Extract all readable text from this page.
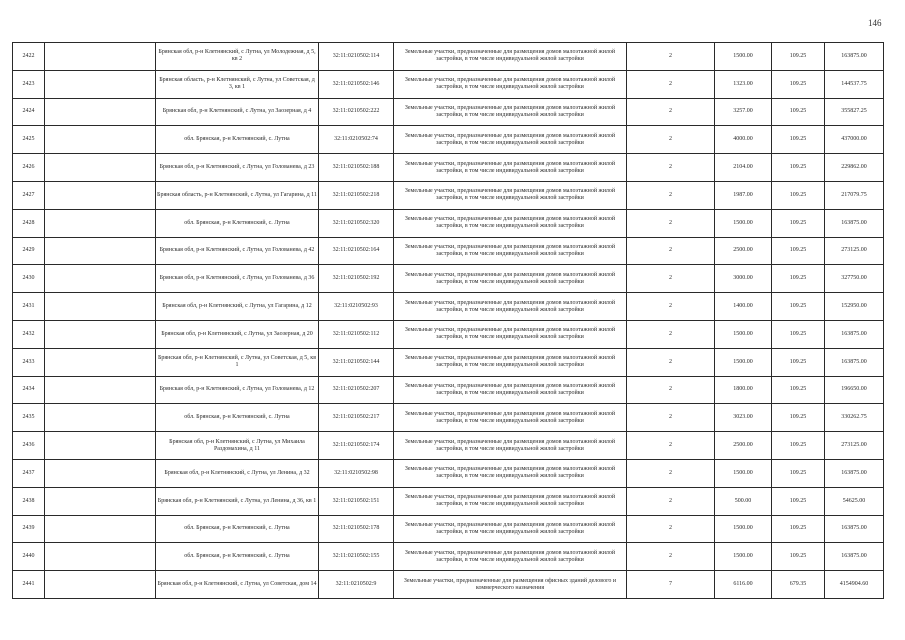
146
2422		Брянская обл, р-н Клетнянский, с Лутна, ул Молодежная, д 5, кв 2	32:11:0210502:114	Земельные участки, предназначенные для размещения домов малоэтажной жилой застройки, в том числе индивидуальной жилой застройки	2	1500.00	109.25	163875.00
2423		Брянская область, р-н Клетнянский, с Лутна, ул Советская, д 3, кв 1	32:11:0210502:146	Земельные участки, предназначенные для размещения домов малоэтажной жилой застройки, в том числе индивидуальной жилой застройки	2	1323.00	109.25	144537.75
2424		Брянская обл, р-н Клетнянский, с Лутна, ул Заозерная, д 4	32:11:0210502:222	Земельные участки, предназначенные для размещения домов малоэтажной жилой застройки, в том числе индивидуальной жилой застройки	2	3257.00	109.25	355827.25
2425		обл. Брянская, р-н Клетнянский, с. Лутна	32:11:0210502:74	Земельные участки, предназначенные для размещения домов малоэтажной жилой застройки, в том числе индивидуальной жилой застройки	2	4000.00	109.25	437000.00
2426		Брянская обл, р-н Клетнянский, с Лутна, ул Голованева, д 23	32:11:0210502:188	Земельные участки, предназначенные для размещения домов малоэтажной жилой застройки, в том числе индивидуальной жилой застройки	2	2104.00	109.25	229862.00
2427		Брянская область, р-н Клетнянский, с Лутна, ул Гагарина, д 11	32:11:0210502:218	Земельные участки, предназначенные для размещения домов малоэтажной жилой застройки, в том числе индивидуальной жилой застройки	2	1987.00	109.25	217079.75
2428		обл. Брянская, р-н Клетнянский, с. Лутна	32:11:0210502:320	Земельные участки, предназначенные для размещения домов малоэтажной жилой застройки, в том числе индивидуальной жилой застройки	2	1500.00	109.25	163875.00
2429		Брянская обл, р-н Клетнянский, с Лутна, ул Голованева, д 42	32:11:0210502:164	Земельные участки, предназначенные для размещения домов малоэтажной жилой застройки, в том числе индивидуальной жилой застройки	2	2500.00	109.25	273125.00
2430		Брянская обл, р-н Клетнянский, с Лутна, ул Голованева, д 36	32:11:0210502:192	Земельные участки, предназначенные для размещения домов малоэтажной жилой застройки, в том числе индивидуальной жилой застройки	2	3000.00	109.25	327750.00
2431		Брянская обл, р-н Клетнянский, с Лутна, ул Гагарина, д 12	32:11:0210502:93	Земельные участки, предназначенные для размещения домов малоэтажной жилой застройки, в том числе индивидуальной жилой застройки	2	1400.00	109.25	152950.00
2432		Брянская обл, р-н Клетнянский, с Лутна, ул Заозерная, д 20	32:11:0210502:112	Земельные участки, предназначенные для размещения домов малоэтажной жилой застройки, в том числе индивидуальной жилой застройки	2	1500.00	109.25	163875.00
2433		Брянская обл, р-н Клетнянский, с Лутна, ул Советская, д 5, кв 1	32:11:0210502:144	Земельные участки, предназначенные для размещения домов малоэтажной жилой застройки, в том числе индивидуальной жилой застройки	2	1500.00	109.25	163875.00
2434		Брянская обл, р-н Клетнянский, с Лутна, ул Голованева, д 12	32:11:0210502:207	Земельные участки, предназначенные для размещения домов малоэтажной жилой застройки, в том числе индивидуальной жилой застройки	2	1800.00	109.25	196650.00
2435		обл. Брянская, р-н Клетнянский, с. Лутна	32:11:0210502:217	Земельные участки, предназначенные для размещения домов малоэтажной жилой застройки, в том числе индивидуальной жилой застройки	2	3023.00	109.25	330262.75
2436		Брянская обл, р-н Клетнянский, с Лутна, ул Михаила Раздомахина, д 11	32:11:0210502:174	Земельные участки, предназначенные для размещения домов малоэтажной жилой застройки, в том числе индивидуальной жилой застройки	2	2500.00	109.25	273125.00
2437		Брянская обл, р-н Клетнянский, с Лутна, ул Ленина, д 32	32:11:0210502:98	Земельные участки, предназначенные для размещения домов малоэтажной жилой застройки, в том числе индивидуальной жилой застройки	2	1500.00	109.25	163875.00
2438		Брянская обл, р-н Клетнянский, с Лутна, ул Ленина, д 36, кв 1	32:11:0210502:151	Земельные участки, предназначенные для размещения домов малоэтажной жилой застройки, в том числе индивидуальной жилой застройки	2	500.00	109.25	54625.00
2439		обл. Брянская, р-н Клетнянский, с. Лутна	32:11:0210502:178	Земельные участки, предназначенные для размещения домов малоэтажной жилой застройки, в том числе индивидуальной жилой застройки	2	1500.00	109.25	163875.00
2440		обл. Брянская, р-н Клетнянский, с. Лутна	32:11:0210502:155	Земельные участки, предназначенные для размещения домов малоэтажной жилой застройки, в том числе индивидуальной жилой застройки	2	1500.00	109.25	163875.00
2441		Брянская обл, р-н Клетнянский, с Лутна, ул Советская, дом 14	32:11:0210502:9	Земельные участки, предназначенные для размещения офисных зданий делового и коммерческого назначения	7	6116.00	679.35	4154904.60
